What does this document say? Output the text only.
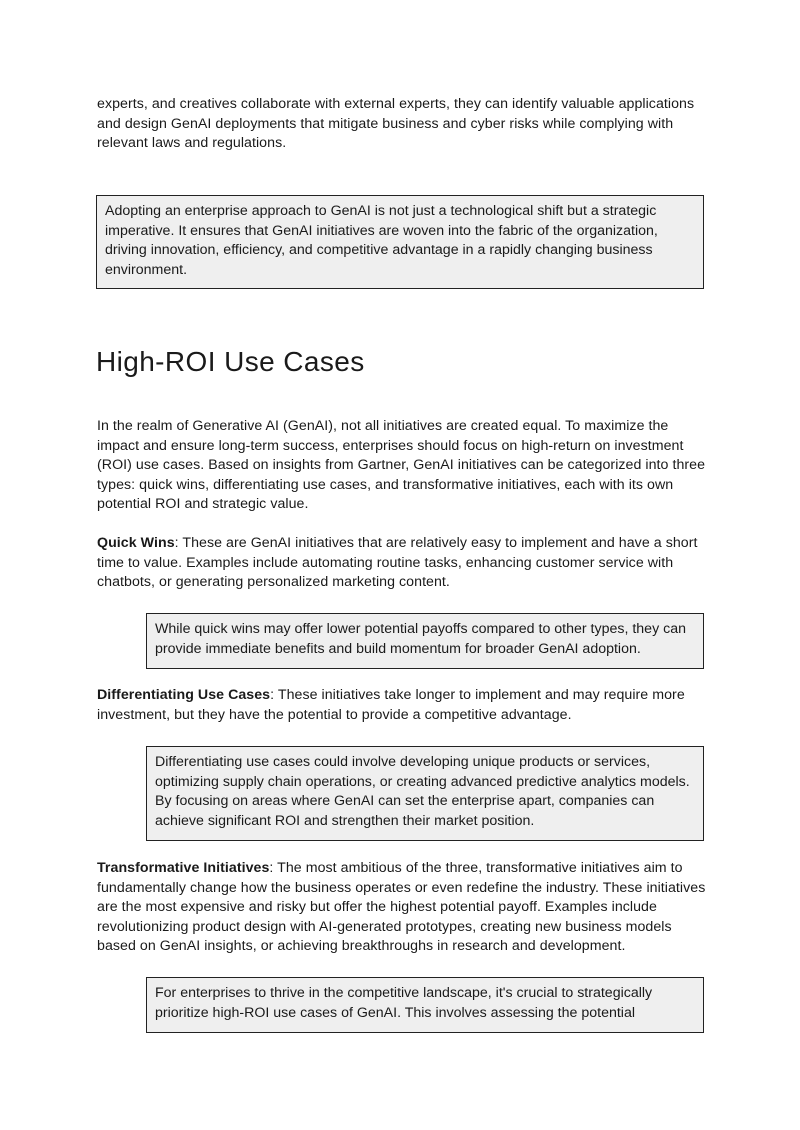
experts, and creatives collaborate with external experts, they can identify valuable applications and design GenAI deployments that mitigate business and cyber risks while complying with relevant laws and regulations.

Adopting an enterprise approach to GenAI is not just a technological shift but a strategic imperative. It ensures that GenAI initiatives are woven into the fabric of the organization, driving innovation, efficiency, and competitive advantage in a rapidly changing business environment.
High-ROI Use Cases

In the realm of Generative AI (GenAI), not all initiatives are created equal. To maximize the impact and ensure long-term success, enterprises should focus on high-return on investment (ROI) use cases. Based on insights from Gartner, GenAI initiatives can be categorized into three types: quick wins, differentiating use cases, and transformative initiatives, each with its own potential ROI and strategic value.

Quick Wins: These are GenAI initiatives that are relatively easy to implement and have a short time to value. Examples include automating routine tasks, enhancing customer service with chatbots, or generating personalized marketing content.

While quick wins may offer lower potential payoffs compared to other types, they can provide immediate benefits and build momentum for broader GenAI adoption.

Differentiating Use Cases: These initiatives take longer to implement and may require more investment, but they have the potential to provide a competitive advantage.

Differentiating use cases could involve developing unique products or services, optimizing supply chain operations, or creating advanced predictive analytics models. By focusing on areas where GenAI can set the enterprise apart, companies can achieve significant ROI and strengthen their market position.

Transformative Initiatives: The most ambitious of the three, transformative initiatives aim to fundamentally change how the business operates or even redefine the industry. These initiatives are the most expensive and risky but offer the highest potential payoff. Examples include revolutionizing product design with AI-generated prototypes, creating new business models based on GenAI insights, or achieving breakthroughs in research and development.

For enterprises to thrive in the competitive landscape, it's crucial to strategically prioritize high-ROI use cases of GenAI. This involves assessing the potential
